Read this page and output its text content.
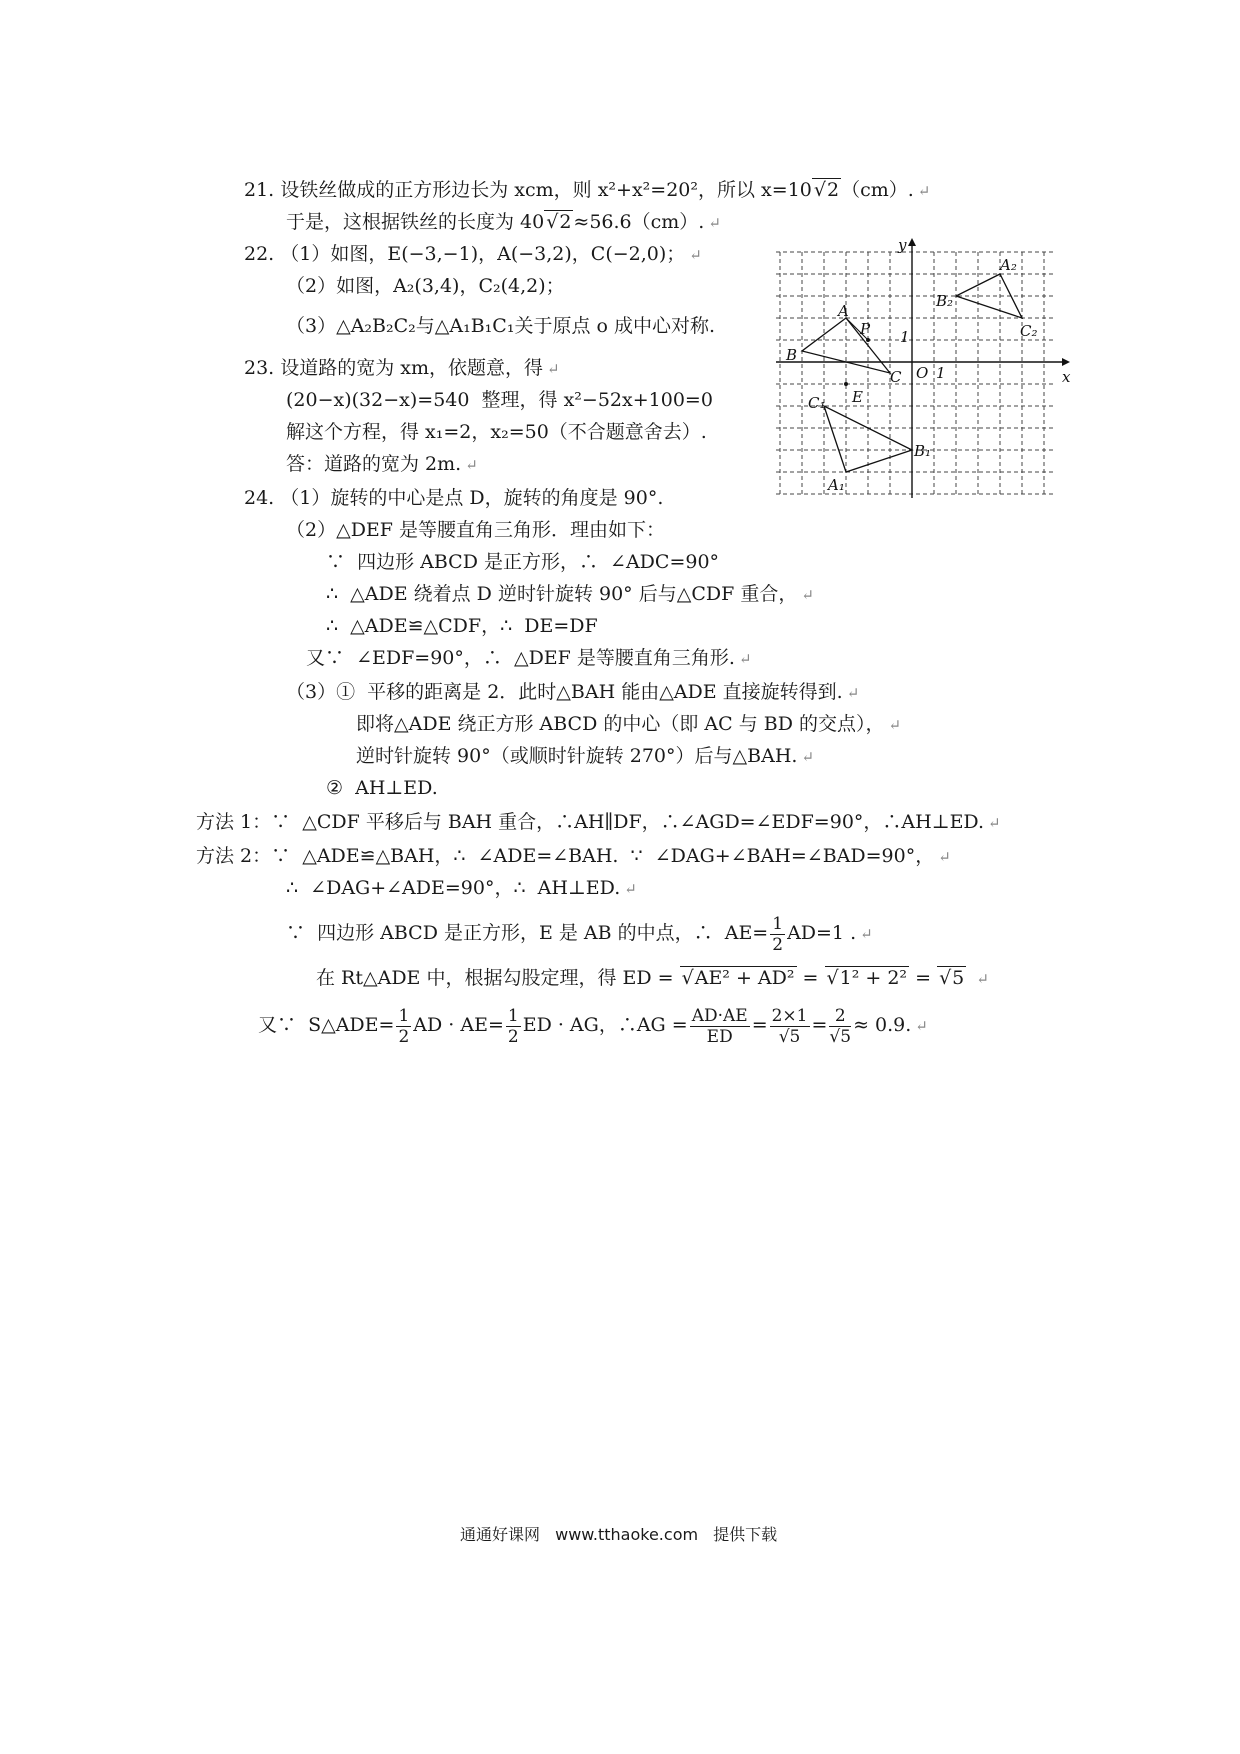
21. 设铁丝做成的正方形边长为 xcm，则 x²+x²=20²，所以 x=10 √ 2 （cm）. ↵
于是，这根据铁丝的长度为 40 √ 2 ≈56.6（cm）. ↵
22. （1）如图，E(−3,−1)，A(−3,2)，C(−2,0)； ↵
（2）如图，A₂(3,4)，C₂(4,2)；
（3）△A₂B₂C₂与△A₁B₁C₁关于原点 o 成中心对称.
23. 设道路的宽为 xm，依题意，得 ↵
(20−x)(32−x)=540  整理，得 x²−52x+100=0
解这个方程，得 x₁=2，x₂=50（不合题意舍去）.
答：道路的宽为 2m. ↵
24. （1）旋转的中心是点 D，旋转的角度是 90°.
（2）△DEF 是等腰直角三角形．理由如下：
∵  四边形 ABCD 是正方形，∴  ∠ADC=90°
∴  △ADE 绕着点 D 逆时针旋转 90° 后与△CDF 重合， ↵
∴  △ADE≌△CDF，∴  DE=DF
又∵  ∠EDF=90°，∴  △DEF 是等腰直角三角形. ↵
（3）①  平移的距离是 2．此时△BAH 能由△ADE 直接旋转得到. ↵
即将△ADE 绕正方形 ABCD 的中心（即 AC 与 BD 的交点）， ↵
逆时针旋转 90°（或顺时针旋转 270°）后与△BAH. ↵
②  AH⊥ED.
方法 1：∵  △CDF 平移后与 BAH 重合，∴AH∥DF，∴∠AGD=∠EDF=90°，∴AH⊥ED. ↵
方法 2：∵  △ADE≌△BAH，∴  ∠ADE=∠BAH.  ∵  ∠DAG+∠BAH=∠BAD=90°， ↵
∴  ∠DAG+∠ADE=90°，∴  AH⊥ED. ↵
∵  四边形 ABCD 是正方形，E 是 AB 的中点，∴  $AE= \frac{1}{2} AD=1$ . ↵
在 Rt△ADE 中，根据勾股定理，得 ED = √ AE² + AD² = √ 1² + 2² = √ 5 ↵
又∵  S△ADE= $\frac{1}{2}$ AD · $AE= \frac{1}{2}$ ED · AG，∴AG = $\frac{AD\cdot AE}{ED} = \frac{2\times 1}{√5} = \frac{2}{√5} \approx 0.9$. ↵
y
x
O 1
1
A
P
B
C
E
C₁
B₁
A₁
A₂
B₂
C₂
通通好课网 www.tthaoke.com 提供下载
